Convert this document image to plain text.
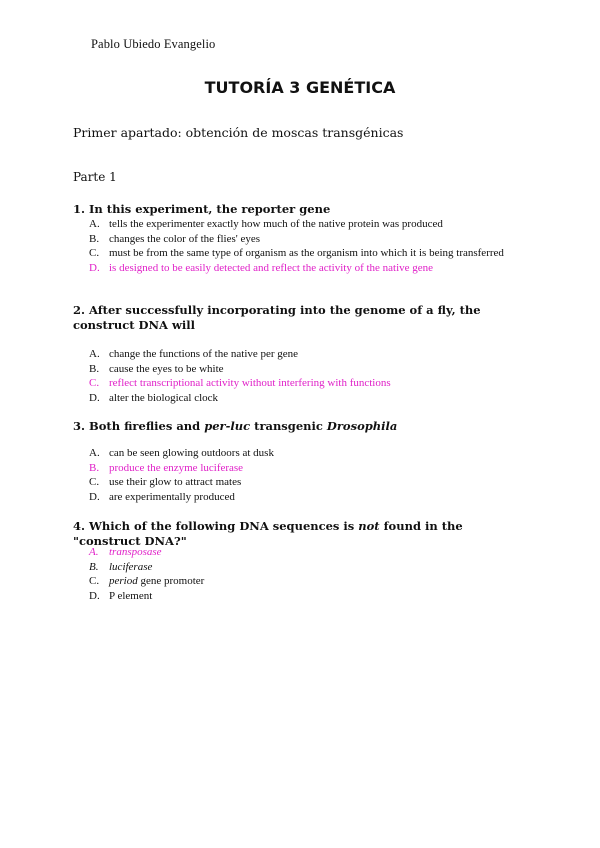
Pablo Ubiedo Evangelio
TUTORÍA 3 GENÉTICA
Primer apartado: obtención de moscas transgénicas
Parte 1
1. In this experiment, the reporter gene
A. tells the experimenter exactly how much of the native protein was produced
B. changes the color of the flies' eyes
C. must be from the same type of organism as the organism into which it is being transferred
D. is designed to be easily detected and reflect the activity of the native gene
2. After successfully incorporating into the genome of a fly, the construct DNA will
A. change the functions of the native per gene
B. cause the eyes to be white
C. reflect transcriptional activity without interfering with functions
D. alter the biological clock
3. Both fireflies and per-luc transgenic Drosophila
A. can be seen glowing outdoors at dusk
B. produce the enzyme luciferase
C. use their glow to attract mates
D. are experimentally produced
4. Which of the following DNA sequences is not found in the "construct DNA?"
A. transposase
B. luciferase
C. period gene promoter
D. P element
